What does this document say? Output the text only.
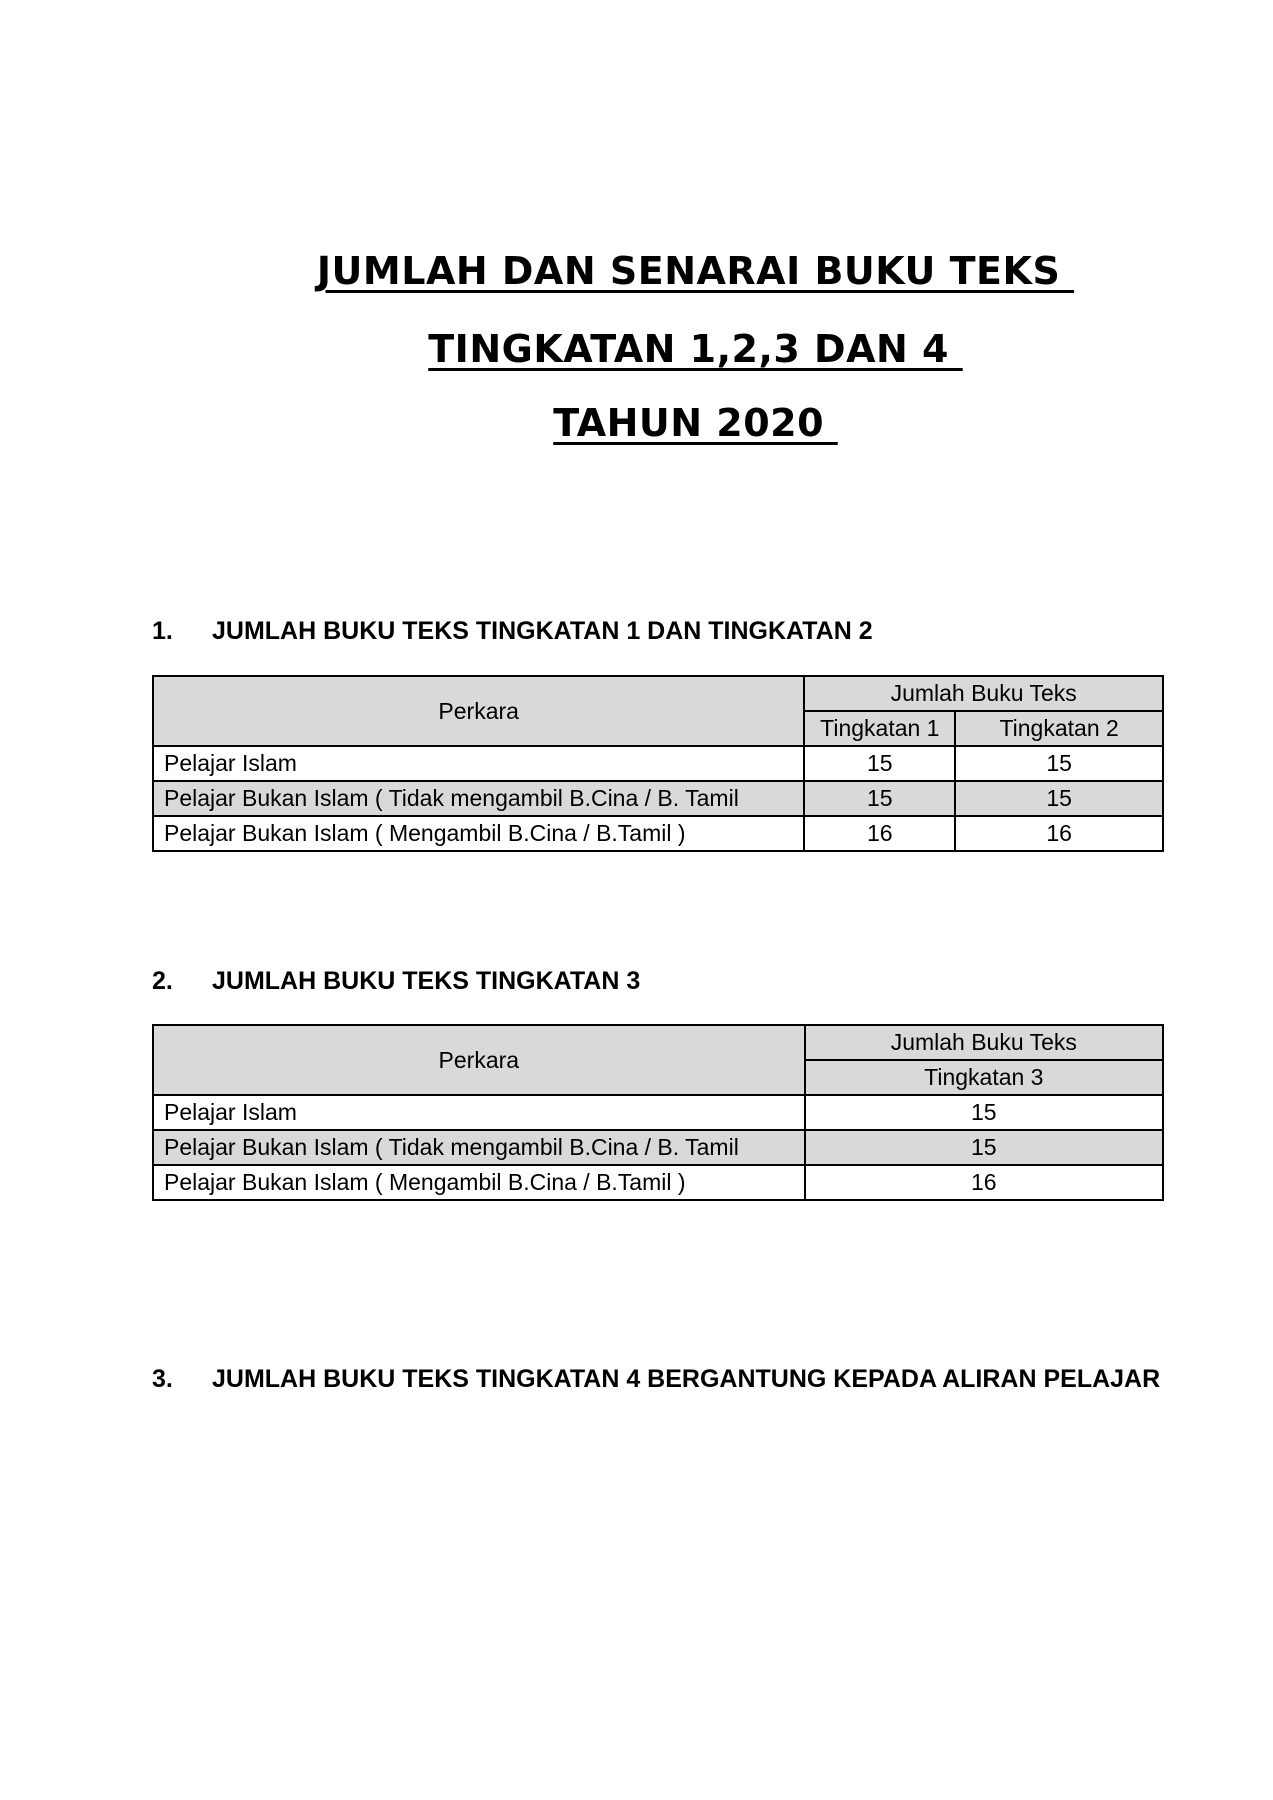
JUMLAH DAN SENARAI BUKU TEKS
TINGKATAN 1,2,3 DAN 4
TAHUN 2020
1. JUMLAH BUKU TEKS TINGKATAN 1 DAN TINGKATAN 2
Perkara	Jumlah Buku Teks	
	Tingkatan 1	Tingkatan 2
Pelajar Islam	15	15
Pelajar Bukan Islam ( Tidak mengambil B.Cina / B. Tamil	15	15
Pelajar Bukan Islam ( Mengambil B.Cina / B.Tamil )	16	16
2. JUMLAH BUKU TEKS TINGKATAN 3
Perkara	Jumlah Buku Teks
	Tingkatan 3
Pelajar Islam	15
Pelajar Bukan Islam ( Tidak mengambil B.Cina / B. Tamil	15
Pelajar Bukan Islam ( Mengambil B.Cina / B.Tamil )	16
3. JUMLAH BUKU TEKS TINGKATAN 4 BERGANTUNG KEPADA ALIRAN PELAJAR
